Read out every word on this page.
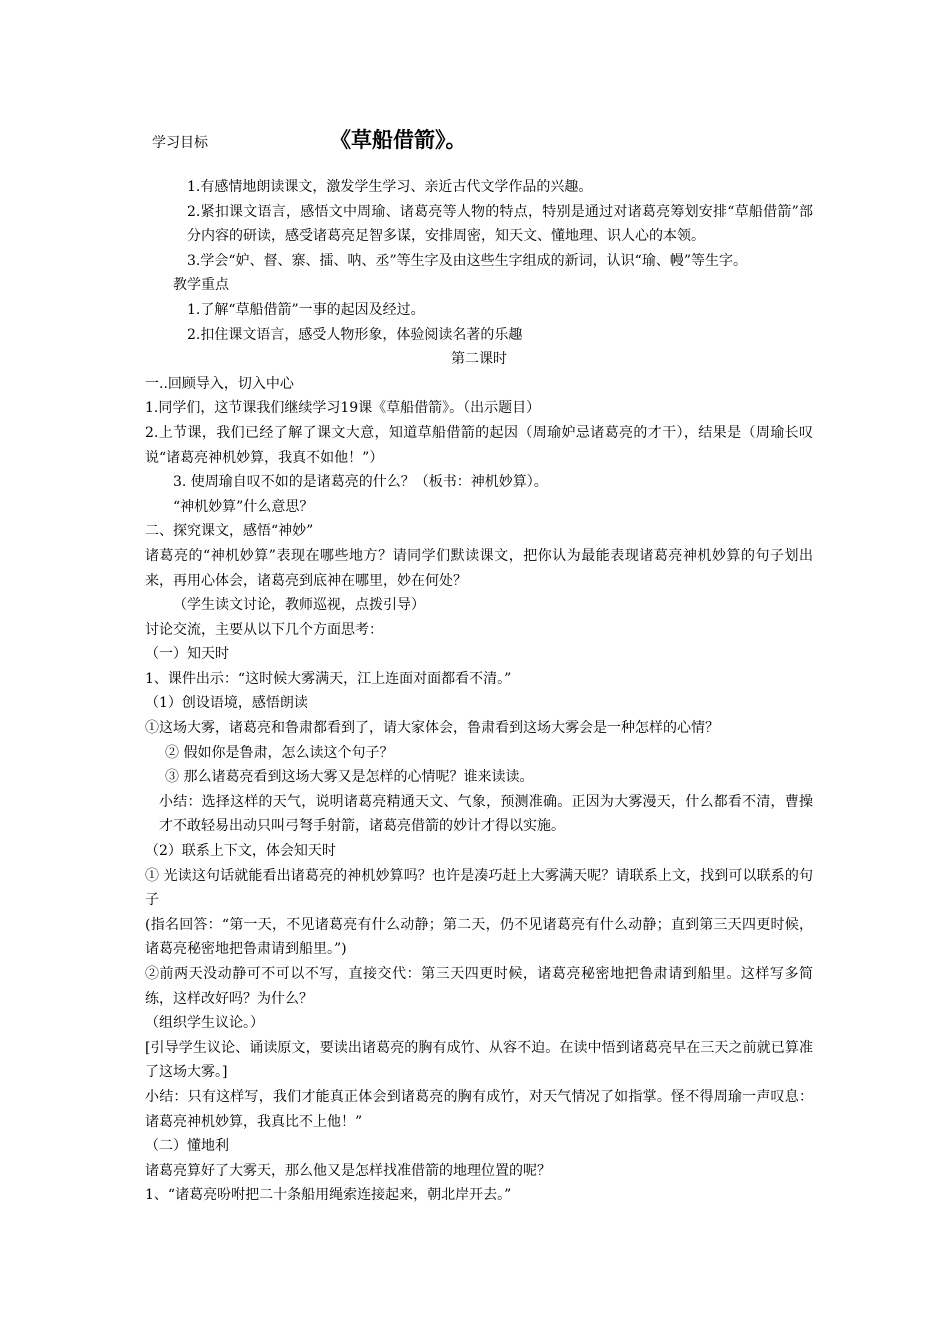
学习目标	《草船借箭》。
1.有感情地朗读课文，激发学生学习、亲近古代文学作品的兴趣。
2.紧扣课文语言，感悟文中周瑜、诸葛亮等人物的特点，特别是通过对诸葛亮筹划安排“草船借箭”部分内容的研读，感受诸葛亮足智多谋，安排周密，知天文、懂地理、识人心的本领。
3.学会“妒、督、寨、擂、呐、丞”等生字及由这些生字组成的新词，认识“瑜、幔”等生字。
教学重点
1.了解“草船借箭”一事的起因及经过。
2.扣住课文语言，感受人物形象，体验阅读名著的乐趣
第二课时
一..回顾导入，切入中心
1.同学们，这节课我们继续学习19课《草船借箭》。（出示题目）
2.上节课，我们已经了解了课文大意，知道草船借箭的起因（周瑜妒忌诸葛亮的才干），结果是（周瑜长叹说“诸葛亮神机妙算，我真不如他！”）
3. 使周瑜自叹不如的是诸葛亮的什么？（板书：神机妙算）。
“神机妙算”什么意思？
二、探究课文，感悟“神妙”
诸葛亮的“神机妙算”表现在哪些地方？请同学们默读课文，把你认为最能表现诸葛亮神机妙算的句子划出来，再用心体会，诸葛亮到底神在哪里，妙在何处？
（学生读文讨论，教师巡视，点拨引导）
讨论交流，主要从以下几个方面思考：
（一）知天时
1、课件出示：“这时候大雾满天，江上连面对面都看不清。”
（1）创设语境，感悟朗读
①这场大雾，诸葛亮和鲁肃都看到了，请大家体会，鲁肃看到这场大雾会是一种怎样的心情？
② 假如你是鲁肃，怎么读这个句子？
③ 那么诸葛亮看到这场大雾又是怎样的心情呢？谁来读读。
小结：选择这样的天气，说明诸葛亮精通天文、气象，预测准确。正因为大雾漫天，什么都看不清，曹操才不敢轻易出动只叫弓弩手射箭，诸葛亮借箭的妙计才得以实施。
（2）联系上下文，体会知天时
① 光读这句话就能看出诸葛亮的神机妙算吗？也许是凑巧赶上大雾满天呢？请联系上文，找到可以联系的句子
(指名回答：“第一天，不见诸葛亮有什么动静；第二天，仍不见诸葛亮有什么动静；直到第三天四更时候，诸葛亮秘密地把鲁肃请到船里。”)
②前两天没动静可不可以不写，直接交代：第三天四更时候，诸葛亮秘密地把鲁肃请到船里。这样写多简练，这样改好吗？为什么？
（组织学生议论。）
[引导学生议论、诵读原文，要读出诸葛亮的胸有成竹、从容不迫。在读中悟到诸葛亮早在三天之前就已算准了这场大雾。]
小结：只有这样写，我们才能真正体会到诸葛亮的胸有成竹，对天气情况了如指掌。怪不得周瑜一声叹息：诸葛亮神机妙算，我真比不上他！”
（二）懂地利
诸葛亮算好了大雾天，那么他又是怎样找准借箭的地理位置的呢？
1、“诸葛亮吩咐把二十条船用绳索连接起来，朝北岸开去。”
